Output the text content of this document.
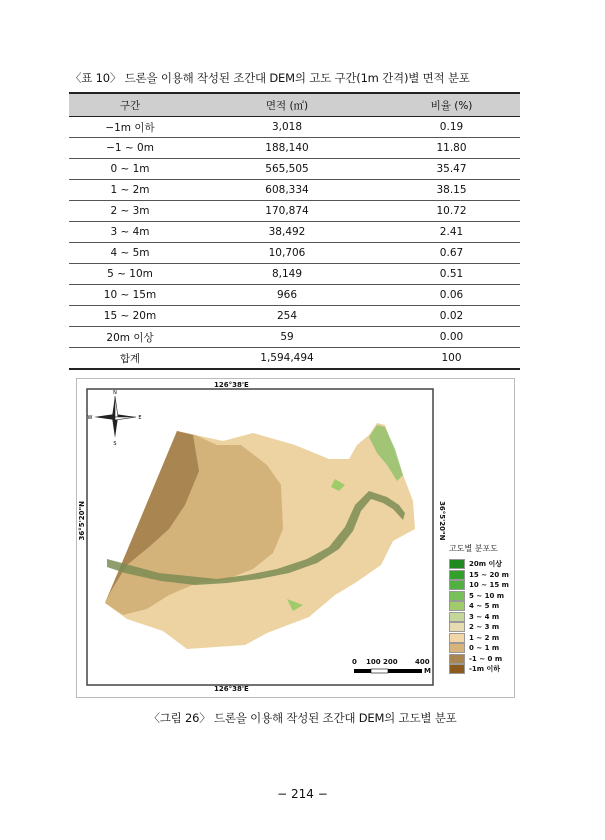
〈표 10〉 드론을 이용해 작성된 조간대 DEM의 고도 구간(1m 간격)별 면적 분포
구간	면적 (㎡)	비율 (%)
−1m 이하	3,018	0.19
−1 ~ 0m	188,140	11.80
0 ~ 1m	565,505	35.47
1 ~ 2m	608,334	38.15
2 ~ 3m	170,874	10.72
3 ~ 4m	38,492	2.41
4 ~ 5m	10,706	0.67
5 ~ 10m	8,149	0.51
10 ~ 15m	966	0.06
15 ~ 20m	254	0.02
20m 이상	59	0.00
합계	1,594,494	100
126°38'E
126°38'E
36°5'20"N	36°5'20"N
N
S
E
W
0 100 200 400
M
고도별 분포도
20m 이상
15 ~ 20 m
10 ~ 15 m
5 ~ 10 m
4 ~ 5 m
3 ~ 4 m
2 ~ 3 m
1 ~ 2 m
0 ~ 1 m
-1 ~ 0 m
-1m 이하
〈그림 26〉 드론을 이용해 작성된 조간대 DEM의 고도별 분포
− 214 −
